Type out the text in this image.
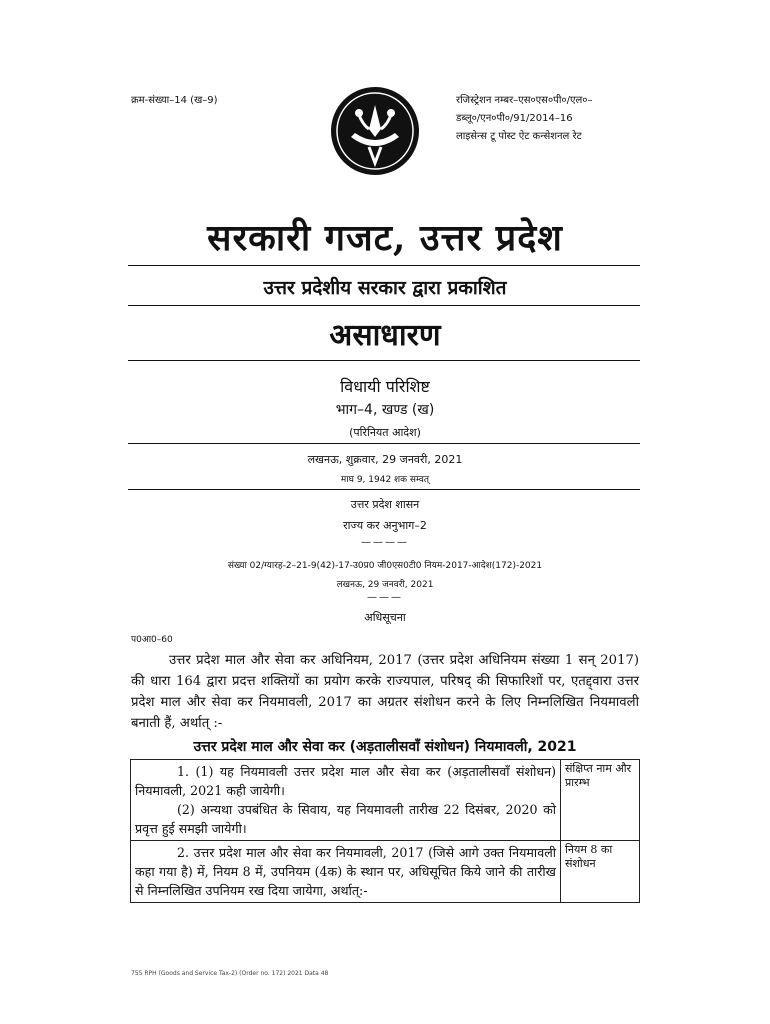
क्रम-संख्या–14 (ख–9)	रजिस्ट्रेशन नम्बर–एस०एस०पी०/एल०–
डब्लू०/एन०पी०/91/2014–16
लाइसेन्स टू पोस्ट ऐट कन्सेशनल रेट
सरकारी गजट, उत्तर प्रदेश
उत्तर प्रदेशीय सरकार द्वारा प्रकाशित
असाधारण
विधायी परिशिष्ट
भाग–4, खण्ड (ख)
(परिनियत आदेश)
लखनऊ, शुक्रवार, 29 जनवरी, 2021
माघ 9, 1942 शक सम्वत्
उत्तर प्रदेश शासन
राज्य कर अनुभाग–2
————
संख्या 02/ग्यारह-2–21-9(42)-17-उ0प्र0 जी0एस0टी0 नियम-2017-आदेश(172)-2021
लखनऊ, 29 जनवरी, 2021
———
अधिसूचना
प0आ0–60

उत्तर प्रदेश माल और सेवा कर अधिनियम, 2017 (उत्तर प्रदेश अधिनियम संख्या 1 सन् 2017) की धारा 164 द्वारा प्रदत्त शक्तियों का प्रयोग करके राज्यपाल, परिषद् की सिफारिशों पर, एतद्द्वारा उत्तर प्रदेश माल और सेवा कर नियमावली, 2017 का अग्रतर संशोधन करने के लिए निम्नलिखित नियमावली बनाती हैं, अर्थात् :-

उत्तर प्रदेश माल और सेवा कर (अड़तालीसवाँ संशोधन) नियमावली, 2021

1. (1) यह नियमावली उत्तर प्रदेश माल और सेवा कर (अड़तालीसवाँ संशोधन) नियमावली, 2021 कही जायेगी।

(2) अन्यथा उपबंधित के सिवाय, यह नियमावली तारीख 22 दिसंबर, 2020 को प्रवृत्त हुई समझी जायेगी।	संक्षिप्त नाम और प्रारम्भ

2. उत्तर प्रदेश माल और सेवा कर नियमावली, 2017 (जिसे आगे उक्त नियमावली कहा गया है) में, नियम 8 में, उपनियम (4क) के स्थान पर, अधिसूचित किये जाने की तारीख से निम्नलिखित उपनियम रख दिया जायेगा, अर्थात्:-	नियम 8 का संशोधन
755 RPH (Goods and Service Tax-2) (Order no. 172) 2021 Data 48
